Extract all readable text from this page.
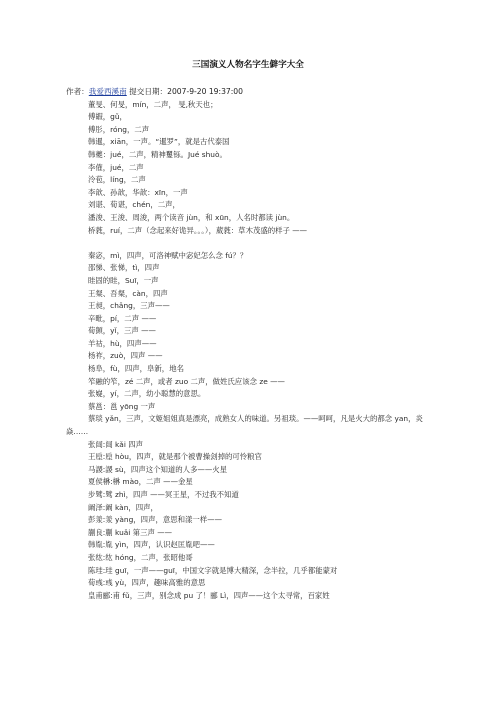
三国演义人物名字生僻字大全
作者：我爱西溪南 提交日期：2007-9-20 19:37:00
董旻、何旻，mín，二声， 旻,秋天也；
傅嘏，gǔ，
傅肜，róng，二声
韩暹，xiān，一声。“暹罗”，就是古代泰国
韩夔：jué，二声，精神矍铄。Jué shuò。
李傕，jué，二声
泠苞，líng，二声
李歆、孙歆，华歆：xīn，一声
刘谌、荀谌，chén，二声，
潘浚、王浚、周浚，两个读音 jùn，和 xūn，人名时都读 jùn。
桥蕤，ruí，二声（念起来好诡异。。。），葳蕤：草木茂盛的样子 ——
秦宓，mì，四声，可洛神赋中宓妃怎么念 fú？？
邵悌、张悌，tì，四声
眭固的眭，Suī，一声
王粲、吾粲，càn，四声
王昶，chǎng，三声——
辛毗，pí，二声 ——
荀顗，yǐ，三声 ——
羊祜，hù，四声——
杨祚，zuò，四声 ——
杨阜，fù，四声，阜新，地名
笮融的笮，zé 二声，或者 zuo 二声，做姓氏应该念 ze ——
张嶷，yí，二声，幼小聪慧的意思。
蔡邕：邕 yōng 一声
蔡琰 yǎn，三声，文姬姐姐真是漂亮，成熟女人的味道。另祖琰。——呵呵，凡是火大的都念 yan，炎焱……
张闿:闿 kǎi 四声
王垕:垕 hòu，四声，就是那个被曹操刽掉的可怜粮官
马謖:謖 sù，四声这个知道的人多——火星
夏侯楙:楙 mào，二声 ——金星
步骘:骘 zhì，四声 ——冥王星，不过我不知道
阚泽:阚 kàn，四声，
彭羕:羕 yàng，四声，意思和漾一样——
蒯良:蒯 kuǎi 第三声 ——
韩胤:胤 yìn，四声，认识赵匡胤吧——
张纮:纮 hóng，二声，张昭他哥
陈珪:珪 guī，一声——guī，中国文字就是博大精深，念半拉，几乎都能蒙对
荀彧:彧 yù，四声，趣味高雅的意思
皇甫郦:甫 fǔ，三声，别念成 pu 了！郦 Lì，四声——这个太寻常，百家姓
